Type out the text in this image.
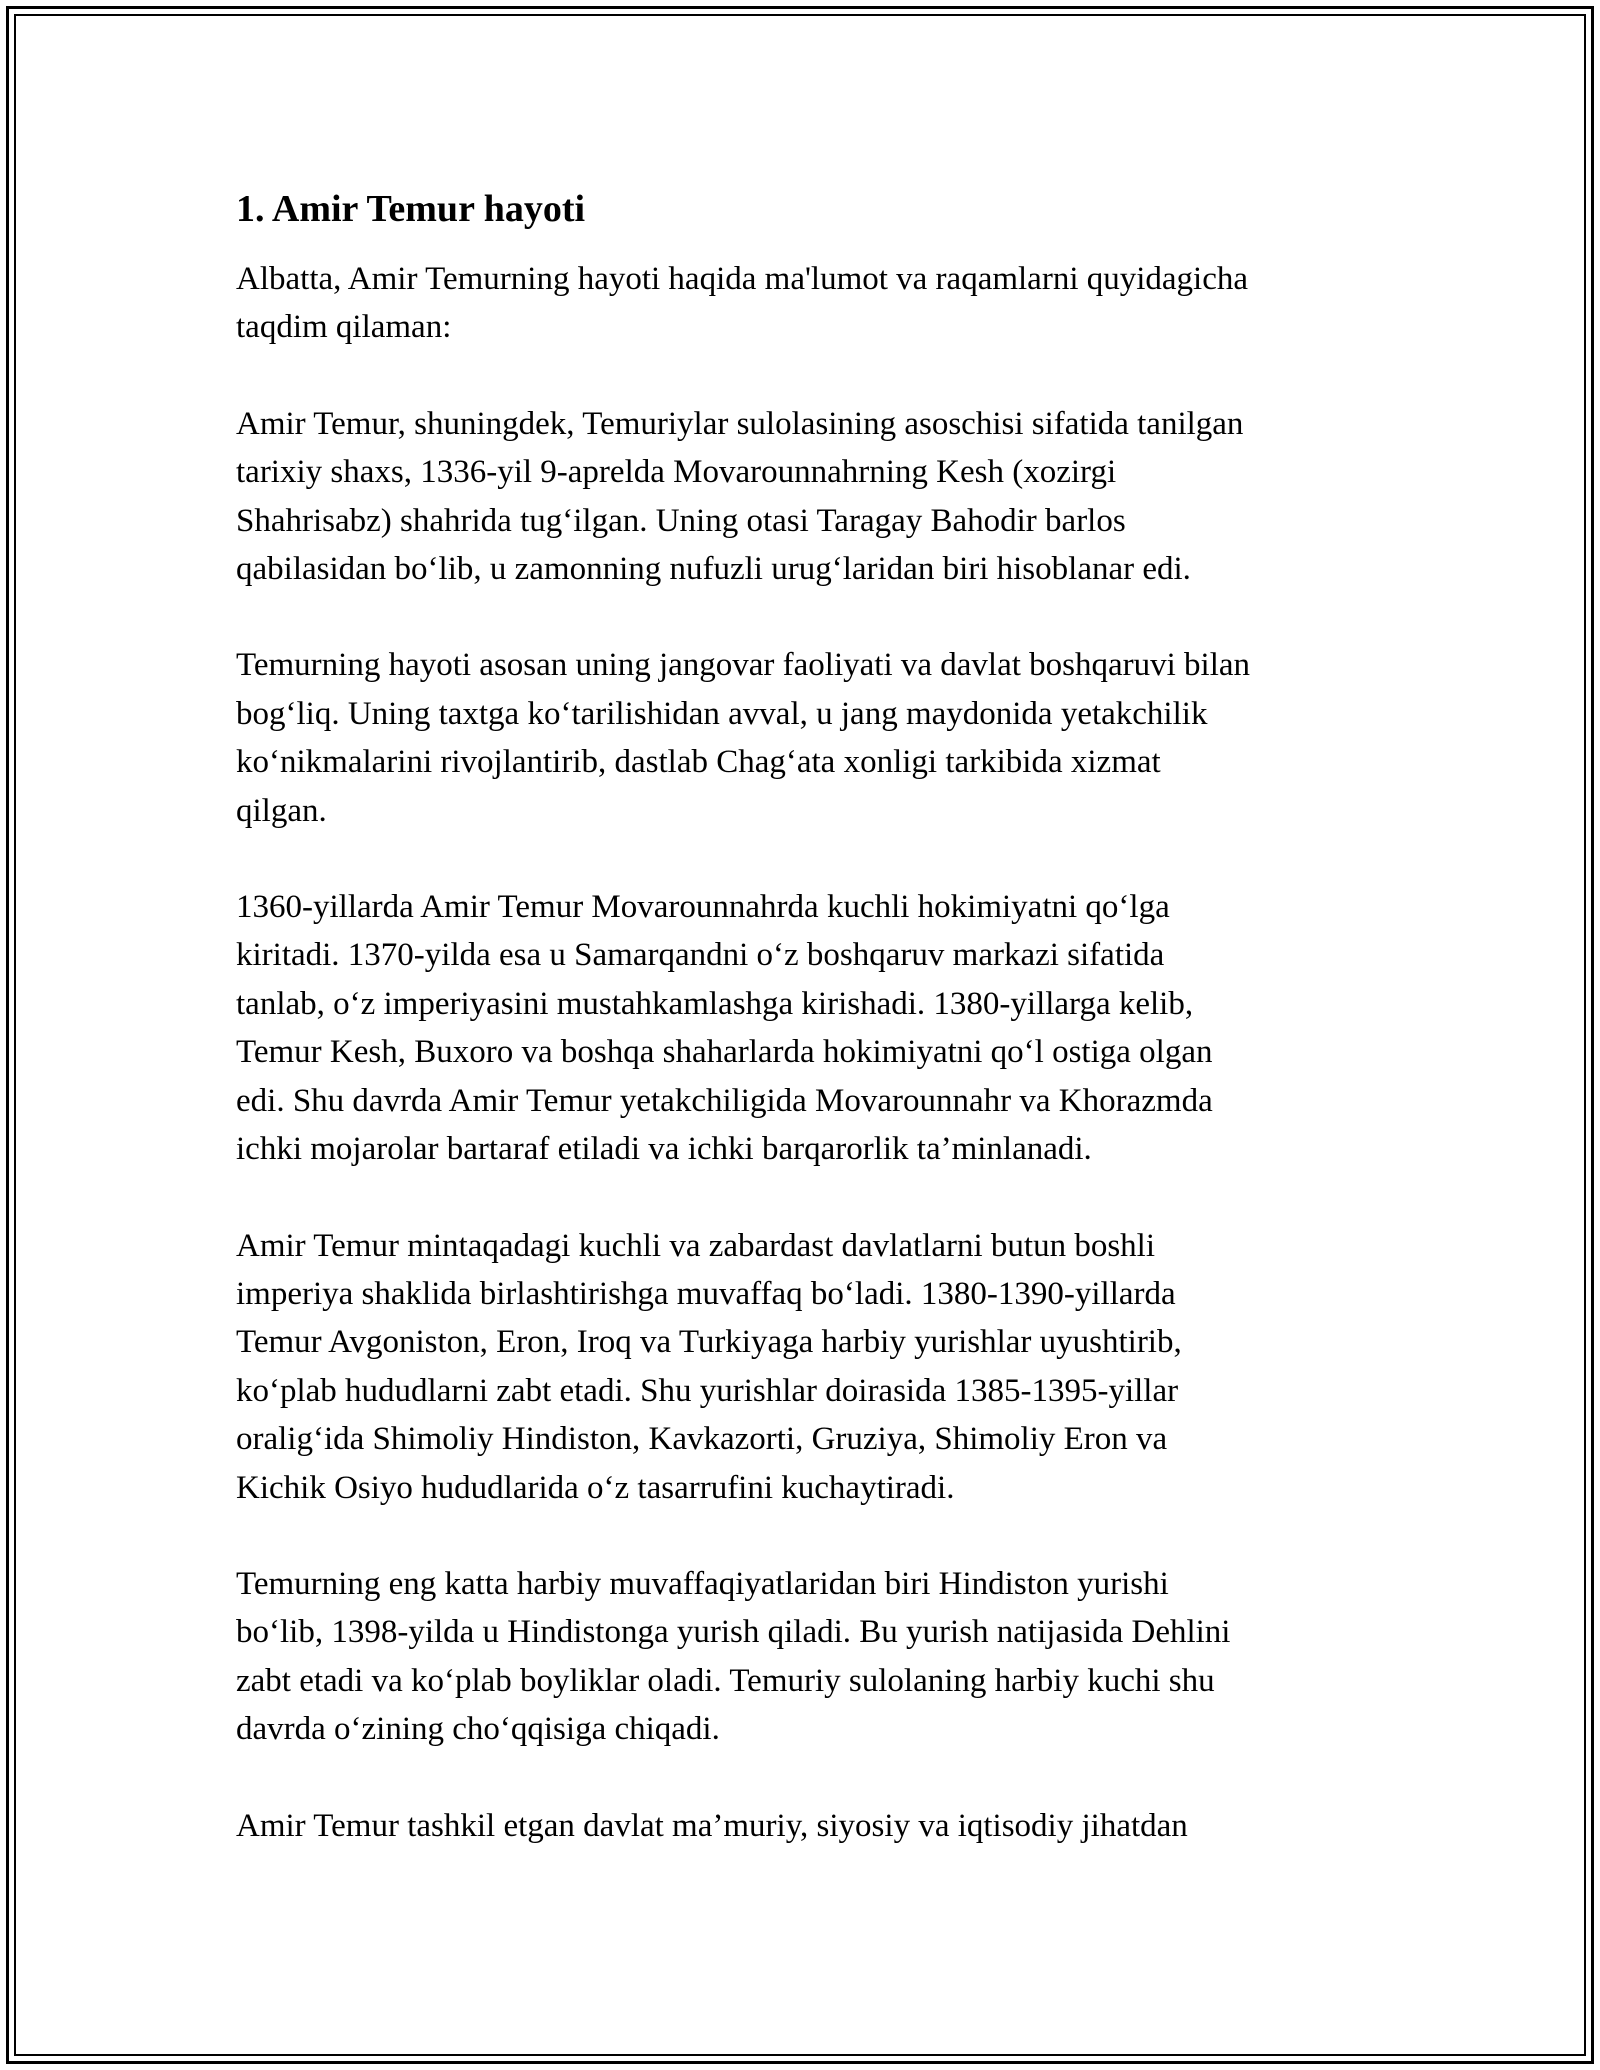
1. Amir Temur hayoti
Albatta, Amir Temurning hayoti haqida ma'lumot va raqamlarni quyidagicha
taqdim qilaman:
Amir Temur, shuningdek, Temuriylar sulolasining asoschisi sifatida tanilgan
tarixiy shaxs, 1336-yil 9-aprelda Movarounnahrning Kesh (xozirgi
Shahrisabz) shahrida tug‘ilgan. Uning otasi Taragay Bahodir barlos
qabilasidan bo‘lib, u zamonning nufuzli urug‘laridan biri hisoblanar edi.
Temurning hayoti asosan uning jangovar faoliyati va davlat boshqaruvi bilan
bog‘liq. Uning taxtga ko‘tarilishidan avval, u jang maydonida yetakchilik
ko‘nikmalarini rivojlantirib, dastlab Chag‘ata xonligi tarkibida xizmat
qilgan.
1360-yillarda Amir Temur Movarounnahrda kuchli hokimiyatni qo‘lga
kiritadi. 1370-yilda esa u Samarqandni o‘z boshqaruv markazi sifatida
tanlab, o‘z imperiyasini mustahkamlashga kirishadi. 1380-yillarga kelib,
Temur Kesh, Buxoro va boshqa shaharlarda hokimiyatni qo‘l ostiga olgan
edi. Shu davrda Amir Temur yetakchiligida Movarounnahr va Khorazmda
ichki mojarolar bartaraf etiladi va ichki barqarorlik ta’minlanadi.
Amir Temur mintaqadagi kuchli va zabardast davlatlarni butun boshli
imperiya shaklida birlashtirishga muvaffaq bo‘ladi. 1380-1390-yillarda
Temur Avgoniston, Eron, Iroq va Turkiyaga harbiy yurishlar uyushtirib,
ko‘plab hududlarni zabt etadi. Shu yurishlar doirasida 1385-1395-yillar
oralig‘ida Shimoliy Hindiston, Kavkazorti, Gruziya, Shimoliy Eron va
Kichik Osiyo hududlarida o‘z tasarrufini kuchaytiradi.
Temurning eng katta harbiy muvaffaqiyatlaridan biri Hindiston yurishi
bo‘lib, 1398-yilda u Hindistonga yurish qiladi. Bu yurish natijasida Dehlini
zabt etadi va ko‘plab boyliklar oladi. Temuriy sulolaning harbiy kuchi shu
davrda o‘zining cho‘qqisiga chiqadi.
Amir Temur tashkil etgan davlat ma’muriy, siyosiy va iqtisodiy jihatdan
